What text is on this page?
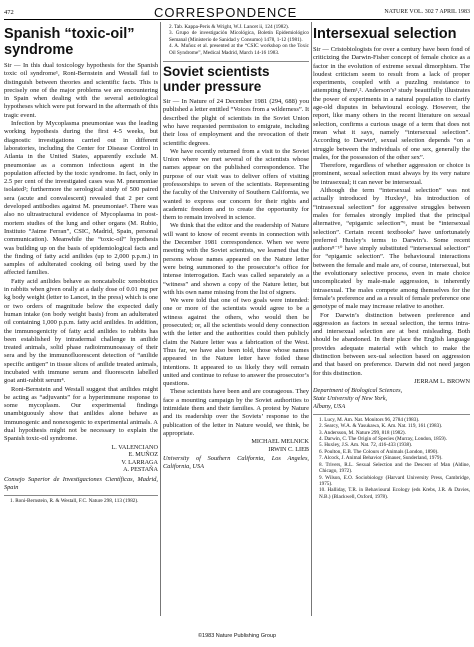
472	CORRESPONDENCE	NATURE VOL. 302 7 APRIL 1983
Spanish “toxic-oil” syndrome

Sir — In this dual toxicology hypothesis for the Spanish toxic oil syndrome¹, Roni-Bernstein and Westall fail to distinguish between theories and scientific facts. This is precisely one of the major problems we are encountering in Spain when dealing with the several aetiological hypotheses which were put forward in the aftermath of this tragic event.

Infection by Mycoplasma pneumoniae was the leading working hypothesis during the first 4-5 weeks, but diagnostic investigations carried out in different laboratories, including the Center for Disease Control in Atlanta in the United States, apparently exclude M. pneumoniae as a common infectious agent in the population affected by the toxic syndrome. In fact, only in 2.5 per cent of the investigated cases was M. pneumoniae isolated²; furthermore the serological study of 500 paired sera (acute and convalescent) revealed that 2 per cent developed antibodies against M. pneumoniae³. There was also no ultrastructural evidence of Mycoplasma in post-mortem studies of the lung and other organs (M. Rubio, Instituto “Jaime Ferran”, CSIC, Madrid, Spain, personal communication). Meanwhile the “toxic-oil” hypothesis was building up on the basis of epidemiological facts and the finding of fatty acid anilides (up to 2,000 p.p.m.) in samples of adulterated cooking oil being used by the affected families.

Fatty acid anilides behave as noncatabolic xenobiotics in rabbits when given orally at a daily dose of 0.01 mg per kg body weight (letter to Lancet, in the press) which is one or two orders of magnitude below the expected daily human intake (on body weight basis) from an adulterated oil containing 1,000 p.p.m. fatty acid anilides. In addition, the immunogenicity of fatty acid anilides to rabbits has been established by intradermal challenge in anilide treated animals, solid phase radioimmunoassay of their sera and by the immunofluorescent detection of “anilide specific antigen” in tissue slices of anilide treated animals, incubated with immune serum and fluorescein labelled goat anti-rabbit serum⁴.

Roni-Bernstein and Westall suggest that anilides might be acting as “adjuvants” for a hyperimmune response to some mycoplasm. Our experimental findings unambiguously show that anilides alone behave as immunogenic and nonexogenic to experimental animals. A dual hypothesis might not be necessary to explain the Spanish toxic-oil syndrome.

L. VALENCIANO
E. MUÑOZ
V. LARRAGA
A. PESTAÑA
Consejo Superior de Investigaciones Científicas, Madrid, Spain

1. Roni-Bernstein, R. & Westall, F.C. Nature 298, 113 (1982).

2. Tab. Kappa-Peris & Wright, W.J. Lancet ii, 124 (1982).

3. Grupo de investigación Micológica, Boletín Epidemiológico Semanal (Ministerio de Sanidad y Consumo) 1478, 1-12 (1981).

4. A. Muñoz et al. presented at the “CSIC workshop on the Toxic Oil Syndrome”, Medical Madrid, March 14-16 1983.

Soviet scientists under pressure

Sir — In Nature of 24 December 1981 (294, 688) you published a letter entitled “Voices from a wilderness”. It described the plight of scientists in the Soviet Union who have requested permission to emigrate, including their loss of employment and the revocation of their scientific degrees.

We have recently returned from a visit to the Soviet Union where we met several of the scientists whose names appear on the published correspondence. The purpose of our visit was to deliver offers of visiting professorships to seven of the scientists. Representing the faculty of the University of Southern California, we wanted to express our concern for their rights and academic freedom and to create the opportunity for them to remain involved in science.

We think that the editor and the readership of Nature will want to know of recent events in connection with the December 1981 correspondence. When we were meeting with the Soviet scientists, we learned that the persons whose names appeared on the Nature letter were being summoned to the prosecutor’s office for intense interrogation. Each was called separately as a “witness” and shown a copy of the Nature letter, but with his own name missing from the list of signers.

We were told that one of two goals were intended: one or more of the scientists would agree to be a witness against the others, who would then be prosecuted; or, all the scientists would deny connection with the letter and the authorities could then publicly claim the Nature letter was a fabrication of the West. Thus far, we have also been told, those whose names appeared in the Nature letter have foiled these intentions. It appeared to us likely they will remain united and continue to refuse to answer the prosecutor’s questions.

These scientists have been and are courageous. They face a mounting campaign by the Soviet authorities to intimidate them and their families. A protest by Nature and its readership over the Soviets’ response to the publication of the letter in Nature would, we think, be appropriate.

MICHAEL MELNICK
IRWIN C. LIEB
University of Southern California, Los Angeles, California, USA
Intersexual selection

Sir — Cristobiologists for over a century have been fond of criticizing the Darwin-Fisher concept of female choice as a factor in the evolution of extreme sexual dimorphism. The loudest criticism seem to result from a lack of proper experiments, coupled with a puzzling resistance to attempting them¹,². Anderson’s³ study beautifully illustrates the power of experiments in a natural population to clarify age-old disputes in behavioural ecology. However, the report, like many others in the recent literature on sexual selection, confirms a curious usage of a term that does not mean what it says, namely “intersexual selection”. According to Darwin⁴, sexual selection depends “on a struggle between the individuals of one sex, generally the males, for the possession of the other sex”.

Therefore, regardless of whether aggression or choice is prominent, sexual selection must always by its very nature be intrasexual; it can never be intersexual.

Although the term “intersexual selection” was not actually introduced by Huxley⁵, his introduction of “intrasexual selection” for aggressive struggles between males for females strongly implied that the principal alternative, “epigamic selection”⁶, must be “intersexual selection”. Certain recent textbooks⁷ have unfortunately preferred Huxley’s terms to Darwin’s. Some recent authors⁸⁻¹⁰ have simply substituted “intersexual selection” for “epigamic selection”. The behavioural interactions between the female and male are, of course, intersexual, but the evolutionary selective process, even in mate choice uncomplicated by male-male aggression, is inherently intrasexual. The males compete among themselves for the female’s preference and as a result of female preference one genotype of male may increase relative to another.

For Darwin’s distinction between preference and aggression as factors in sexual selection, the terms intra- and intersexual selection are at best misleading. Both should be abandoned. In their place the English language provides adequate material with which to make the distinction between sex-ual selection based on aggression and that based on preference. Darwin did not need jargon for this distinction.

JERRAM L. BROWN
Department of Biological Sciences,
State University of New York,
Albany, USA

1. Lucy, M. Am. Nat. Monitors 96, 2784 (1983).

2. Searcy, W.A. & Yasukawa, K. Am. Nat. 119, 161 (1983).

3. Andersson, M. Nature 299, 818 (1982).

4. Darwin, C. The Origin of Species (Murray, London, 1859).

5. Huxley, J.S. Am. Nat. 72, 416-433 (1938).

6. Poulton, E.B. The Colours of Animals (London, 1890).

7. Alcock, J. Animal Behavior (Sinauer, Sunderland, 1979).

8. Trivers, R.L. Sexual Selection and the Descent of Man (Aldine, Chicago, 1972).

9. Wilson, E.O. Sociobiology (Harvard University Press, Cambridge, 1975).

10. Halliday, T.R. in Behavioural Ecology (eds Krebs, J.R. & Davies, N.B.) (Blackwell, Oxford, 1978).

©1983 Nature Publishing Group
